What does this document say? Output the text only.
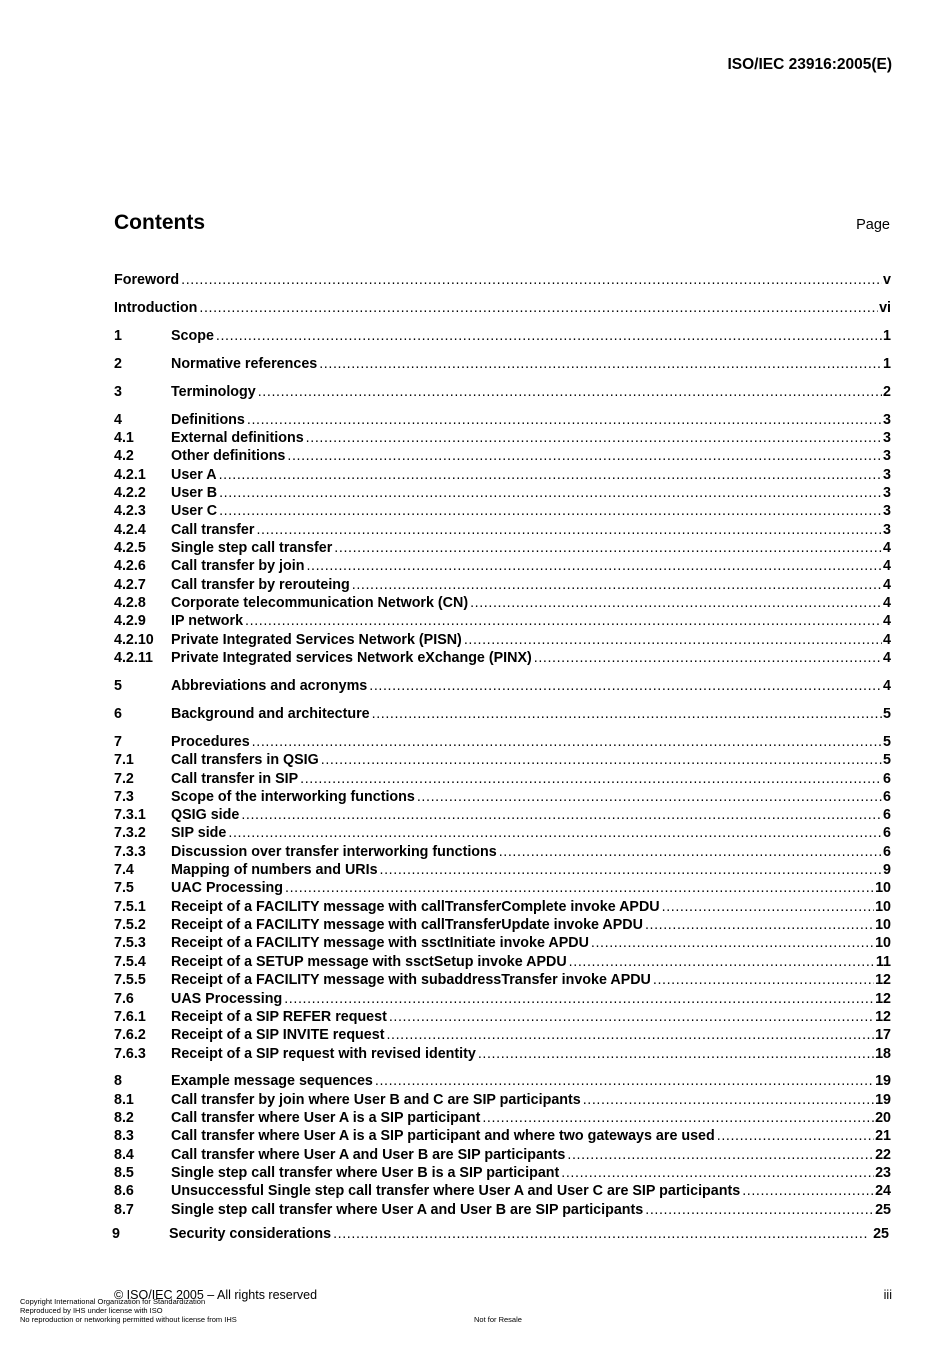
ISO/IEC 23916:2005(E)
Contents	Page
Foreword .....	v
Introduction .....	vi
1	Scope .....	1
2	Normative references .....	1
3	Terminology .....	2
4	Definitions .....	3
4.1	External definitions .....	3
4.2	Other definitions .....	3
4.2.1 User A .....	3
4.2.2 User B .....	3
4.2.3 User C .....	3
4.2.4 Call transfer .....	3
4.2.5 Single step call transfer .....	4
4.2.6 Call transfer by join .....	4
4.2.7 Call transfer by rerouteing .....	4
4.2.8 Corporate telecommunication Network (CN) .....	4
4.2.9 IP network .....	4
4.2.10 Private Integrated Services Network (PISN) .....	4
4.2.11 Private Integrated services Network eXchange (PINX) .....	4
5	Abbreviations and acronyms .....	4
6	Background and architecture .....	5
7	Procedures .....	5
7.1	Call transfers in QSIG .....	5
7.2	Call transfer in SIP .....	6
7.3	Scope of the interworking functions .....	6
7.3.1 QSIG side .....	6
7.3.2 SIP side .....	6
7.3.3 Discussion over transfer interworking functions .....	6
7.4	Mapping of numbers and URIs .....	9
7.5	UAC Processing .....	10
7.5.1 Receipt of a FACILITY message with callTransferComplete invoke APDU .....	10
7.5.2 Receipt of a FACILITY message with callTransferUpdate invoke APDU .....	10
7.5.3 Receipt of a FACILITY message with ssctInitiate invoke APDU .....	10
7.5.4 Receipt of a SETUP message with ssctSetup invoke APDU .....	11
7.5.5 Receipt of a FACILITY message with subaddressTransfer invoke APDU .....	12
7.6	UAS Processing .....	12
7.6.1 Receipt of a SIP REFER request .....	12
7.6.2 Receipt of a SIP INVITE request .....	17
7.6.3 Receipt of a SIP request with revised identity .....	18
8	Example message sequences .....	19
8.1	Call transfer by join where User B and C are SIP participants .....	19
8.2	Call transfer where User A is a SIP participant .....	20
8.3	Call transfer where User A is a SIP participant and where two gateways are used .....	21
8.4	Call transfer where User A and User B are SIP participants .....	22
8.5	Single step call transfer where User B is a SIP participant .....	23
8.6	Unsuccessful Single step call transfer where User A and User C are SIP participants .....	24
8.7	Single step call transfer where User A and User B are SIP participants .....	25
9	Security considerations .....	25
© ISO/IEC 2005 – All rights reserved	iii
Copyright International Organization for Standardization
Reproduced by IHS under license with ISO
No reproduction or networking permitted without license from IHS	Not for Resale
